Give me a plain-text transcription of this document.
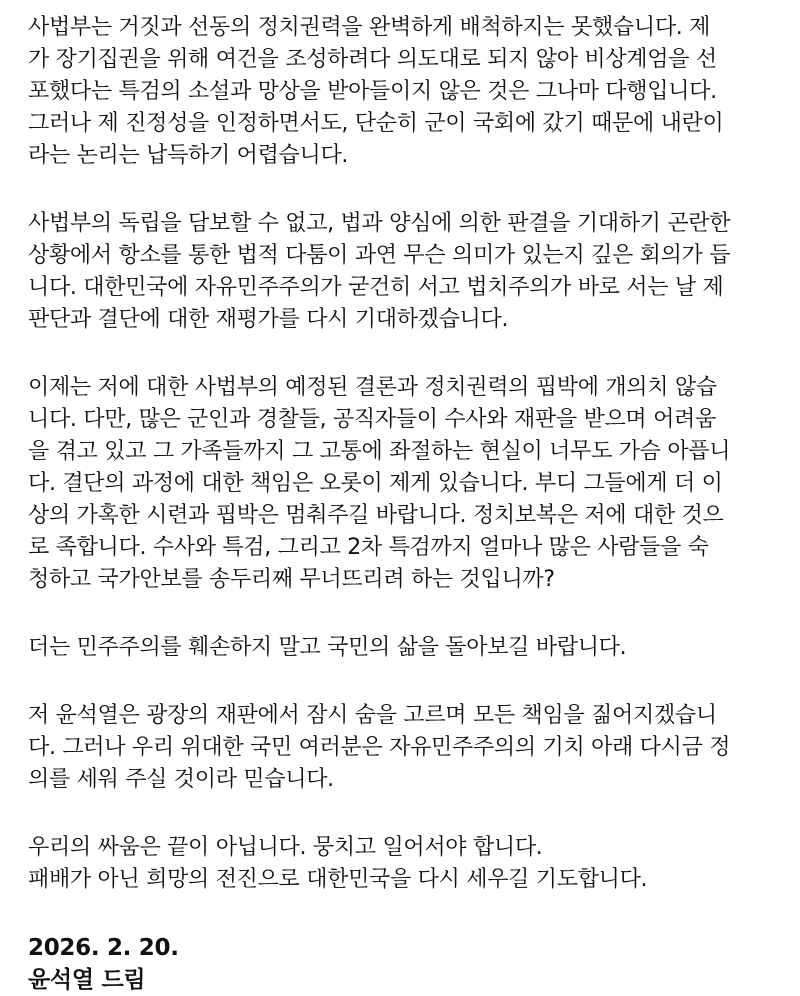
사법부는 거짓과 선동의 정치권력을 완벽하게 배척하지는 못했습니다. 제
가 장기집권을 위해 여건을 조성하려다 의도대로 되지 않아 비상계엄을 선
포했다는 특검의 소설과 망상을 받아들이지 않은 것은 그나마 다행입니다.
그러나 제 진정성을 인정하면서도, 단순히 군이 국회에 갔기 때문에 내란이
라는 논리는 납득하기 어렵습니다.
사법부의 독립을 담보할 수 없고, 법과 양심에 의한 판결을 기대하기 곤란한
상황에서 항소를 통한 법적 다툼이 과연 무슨 의미가 있는지 깊은 회의가 듭
니다. 대한민국에 자유민주주의가 굳건히 서고 법치주의가 바로 서는 날 제
판단과 결단에 대한 재평가를 다시 기대하겠습니다.
이제는 저에 대한 사법부의 예정된 결론과 정치권력의 핍박에 개의치 않습
니다. 다만, 많은 군인과 경찰들, 공직자들이 수사와 재판을 받으며 어려움
을 겪고 있고 그 가족들까지 그 고통에 좌절하는 현실이 너무도 가슴 아픕니
다. 결단의 과정에 대한 책임은 오롯이 제게 있습니다. 부디 그들에게 더 이
상의 가혹한 시련과 핍박은 멈춰주길 바랍니다. 정치보복은 저에 대한 것으
로 족합니다. 수사와 특검, 그리고 2차 특검까지 얼마나 많은 사람들을 숙
청하고 국가안보를 송두리째 무너뜨리려 하는 것입니까?
더는 민주주의를 훼손하지 말고 국민의 삶을 돌아보길 바랍니다.
저 윤석열은 광장의 재판에서 잠시 숨을 고르며 모든 책임을 짊어지겠습니
다. 그러나 우리 위대한 국민 여러분은 자유민주주의의 기치 아래 다시금 정
의를 세워 주실 것이라 믿습니다.
우리의 싸움은 끝이 아닙니다. 뭉치고 일어서야 합니다.
패배가 아닌 희망의 전진으로 대한민국을 다시 세우길 기도합니다.
2026. 2. 20.
윤석열 드림
